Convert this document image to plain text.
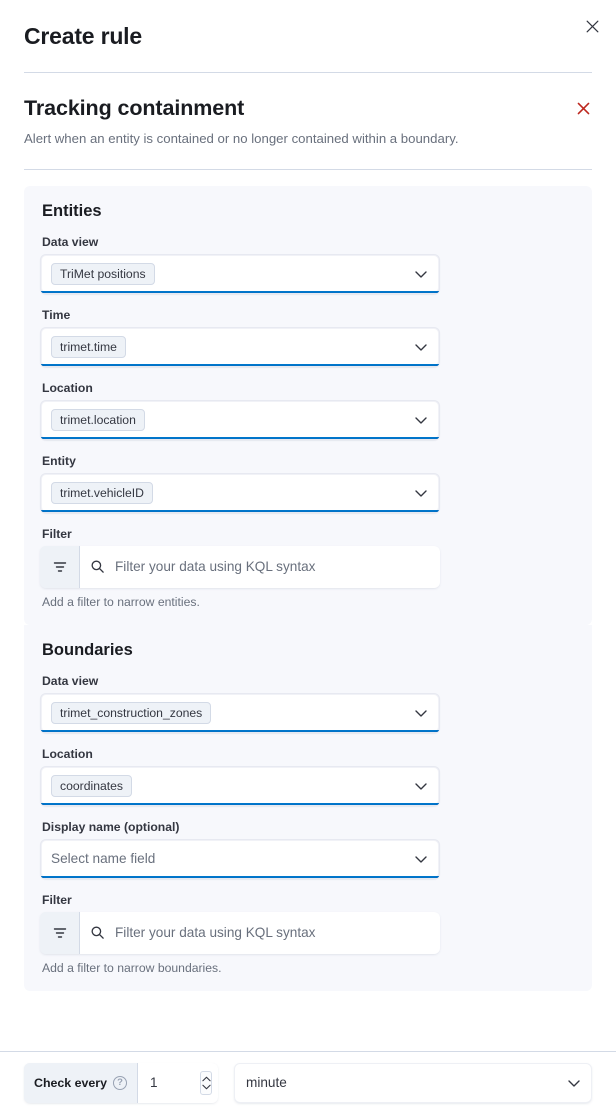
Create rule
Tracking containment
Alert when an entity is contained or no longer contained within a boundary.
Entities
Data view
TriMet positions
Time
trimet.time
Location
trimet.location
Entity
trimet.vehicleID
Filter
Filter your data using KQL syntax
Add a filter to narrow entities.
Boundaries
Data view
trimet_construction_zones
Location
coordinates
Display name (optional)
Select name field
Filter
Filter your data using KQL syntax
Add a filter to narrow boundaries.
Check every	?
1	minute
